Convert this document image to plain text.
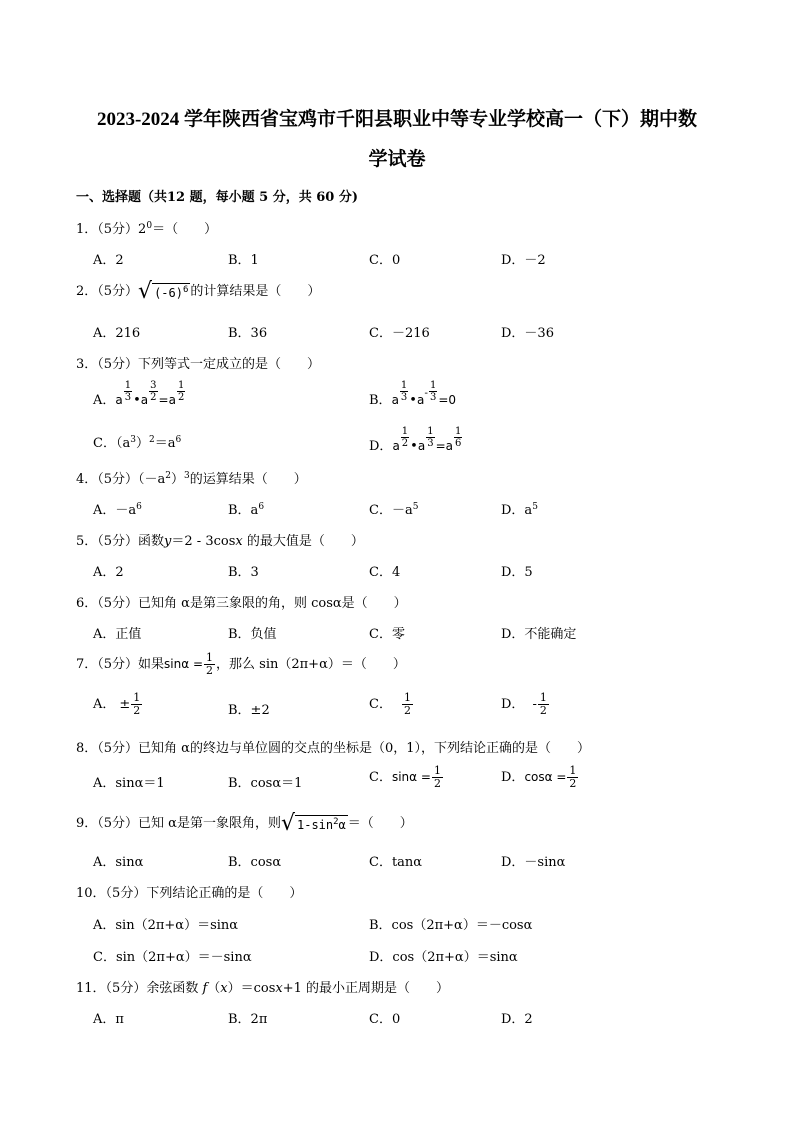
2023-2024 学年陕西省宝鸡市千阳县职业中等专业学校高一（下）期中数
学试卷
一、选择题（共12 题，每小题 5 分，共 60 分)
1．（5分）$2^0=$（　　）
A．2	B．1	C．0	D．－2
2．（5分）√ $(-6)^6$ 的计算结果是（　　）
A．216	B．36	C．－216	D．－36
3．（5分）下列等式一定成立的是（　　）
A．a $\frac{1}{3}$ •a $\frac{3}{2} =a \frac{1}{2}$	B．a $\frac{1}{3}$ •a- $\frac{1}{3} =0$
C．$(a^3)^2=a^6$	D．a $\frac{1}{2}$ •a $\frac{1}{3} =a \frac{1}{6}$
4．（5分）$(-a^2)^3$的运算结果（　　）
A．$-a^6$	B．$a^6$	C．$-a^5$	D．$a^5$
5．（5分）函数y＝2 - 3cosx 的最大值是（　　）
A．2	B．3	C．4	D．5
6．（5分）已知角 α是第三象限的角，则 cosα是（　　）
A．正值	B．负值	C．零	D．不能确定
7．（5分）如果$\sin\alpha = \frac{1}{2}$ ，那么 sin（2π+α）＝（　　）
A． ± $\frac{1}{2}$	B．±2	C． $\frac{1}{2}$	D． - $\frac{1}{2}$
8．（5分）已知角 α的终边与单位圆的交点的坐标是（0，1），下列结论正确的是（　　）
A．sinα＝1	B．cosα＝1	C．$\sin\alpha = \frac{1}{2}$	D．$\cos\alpha = \frac{1}{2}$
9．（5分）已知 α是第一象限角，则√ $1-\sin^2\alpha$ ＝（　　）
A．sinα	B．cosα	C．tanα	D．－sinα
10．（5分）下列结论正确的是（　　）
A．sin（2π+α）＝sinα	B．cos（2π+α）＝－cosα
C．sin（2π+α）＝－sinα	D．cos（2π+α）＝sinα
11．（5分）余弦函数 f（x）＝cosx+1 的最小正周期是（　　）
A．π	B．2π	C．0	D．2
